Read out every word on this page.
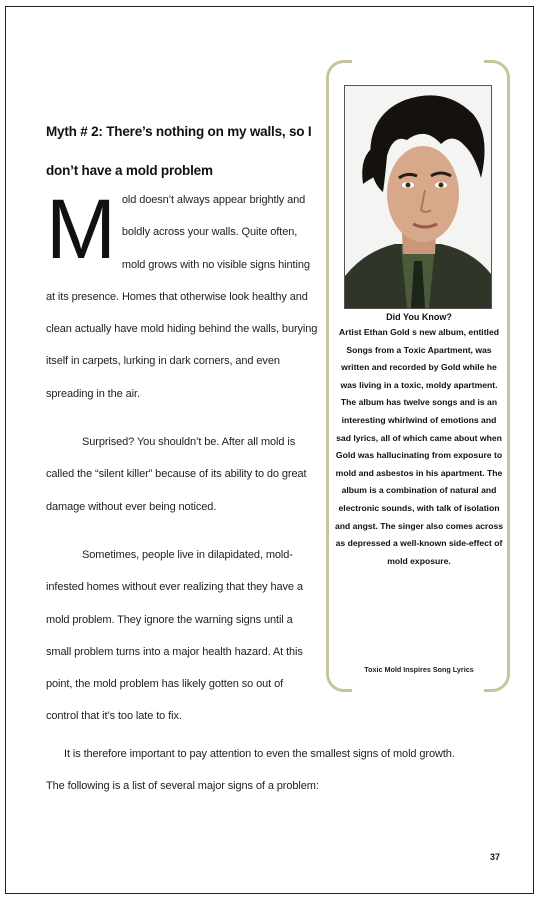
Myth # 2: There’s nothing on my walls, so I don’t have a mold problem

Mold doesn’t always appear brightly and boldly across your walls. Quite often, mold grows with no visible signs hinting at its presence. Homes that otherwise look healthy and clean actually have mold hiding behind the walls, burying itself in carpets, lurking in dark corners, and even spreading in the air.

Surprised? You shouldn’t be. After all mold is called the “silent killer” because of its ability to do great damage without ever being noticed.

Sometimes, people live in dilapidated, mold-infested homes without ever realizing that they have a mold problem. They ignore the warning signs until a small problem turns into a major health hazard. At this point, the mold problem has likely gotten so out of control that it’s too late to fix.

It is therefore important to pay attention to even the smallest signs of mold growth.

The following is a list of several major signs of a problem:

Did You Know?

Artist Ethan Gold s new album, entitled Songs from a Toxic Apartment, was written and recorded by Gold while he was living in a toxic, moldy apartment. The album has twelve songs and is an interesting whirlwind of emotions and sad lyrics, all of which came about when Gold was hallucinating from exposure to mold and asbestos in his apartment. The album is a combination of natural and electronic sounds, with talk of isolation and angst. The singer also comes across as depressed a well-known side-effect of mold exposure.

Toxic Mold Inspires Song Lyrics

37
